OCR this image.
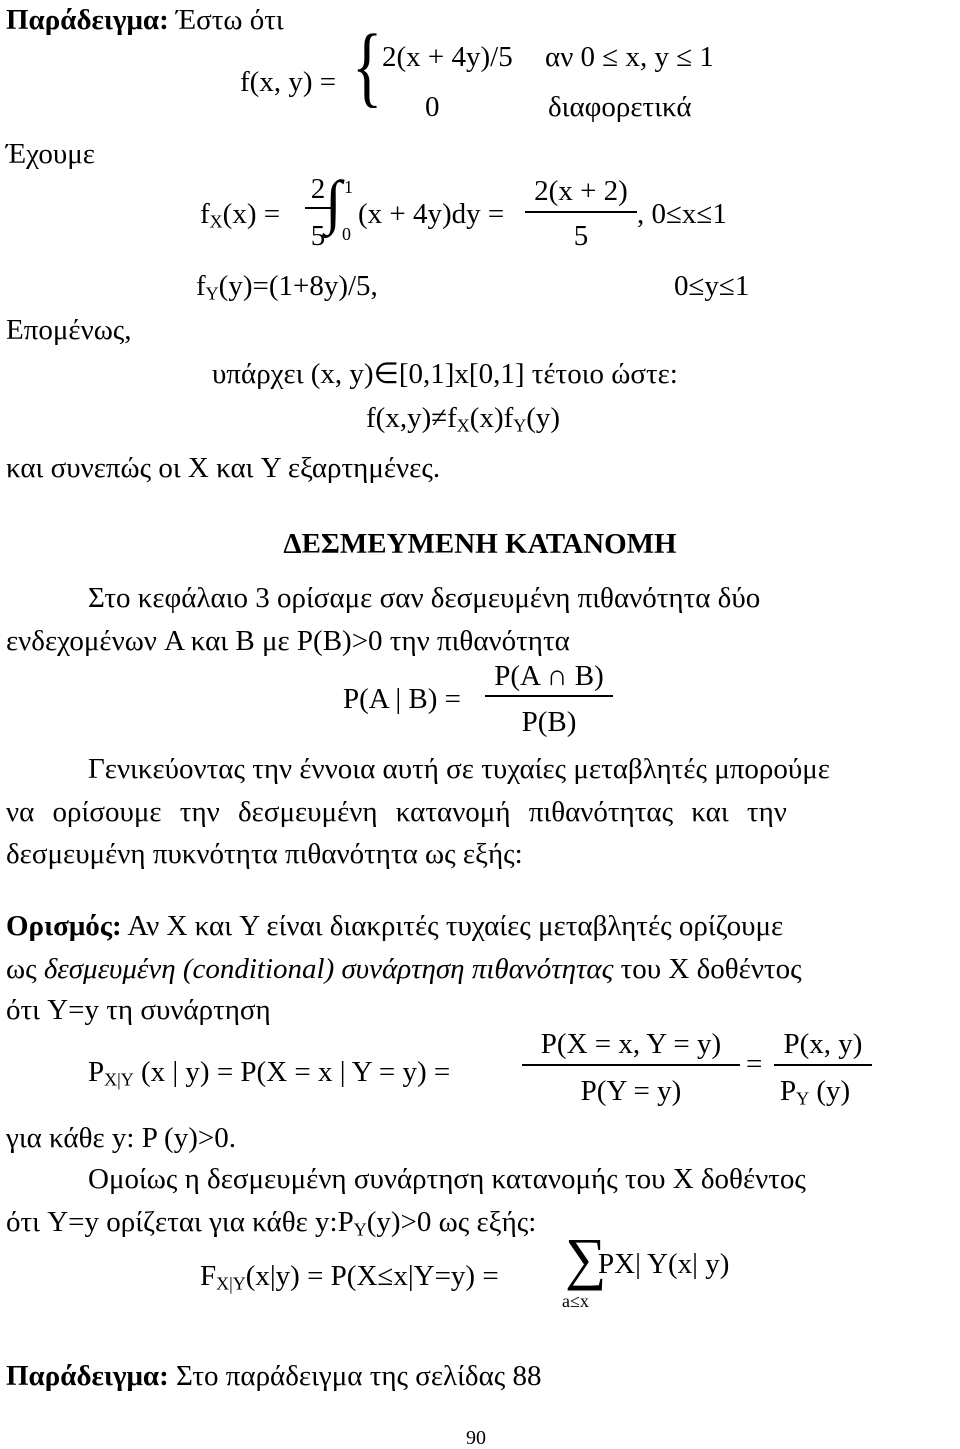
Παράδειγμα: Έστω ότι
f(x, y) = { 2(x + 4y)/5 αν 0 ≤ x, y ≤ 1
0	διαφορετικά
Έχουμε
$f_X(x)$ =
2
5
∫ 1
0
(x + 4y)dy =
2(x + 2)
5
, 0≤x≤1
$f_Y(y)=(1+8y)/5$,	0≤y≤1
Επομένως,
υπάρχει (x, y)∈[0,1]x[0,1] τέτοιο ώστε:
$f(x,y)\ne f_X(x)f_Y(y)$
και συνεπώς οι X και Y εξαρτημένες.
ΔΕΣΜΕΥΜΕΝΗ ΚΑΤΑΝΟΜΗ
Στο κεφάλαιο 3 ορίσαμε σαν δεσμευμένη πιθανότητα δύο
ενδεχομένων A και B με P(B)>0 την πιθανότητα
P(A | B) =
P(A ∩ B)
P(B)
Γενικεύοντας την έννοια αυτή σε τυχαίες μεταβλητές μπορούμε
να ορίσουμε την δεσμευμένη κατανομή πιθανότητας και την
δεσμευμένη πυκνότητα πιθανότητα ως εξής:
Ορισμός: Αν X και Y είναι διακριτές τυχαίες μεταβλητές ορίζουμε
ως δεσμευμένη (conditional) συνάρτηση πιθανότητας του X δοθέντος
ότι Y=y τη συνάρτηση
$P_{X|Y}$ (x | y) = P(X = x | Y = y) =
P(X = x, Y = y)
P(Y = y)
=
P(x, y)
$P_Y$ (y)
για κάθε y: P (y)>0.
Ομοίως η δεσμευμένη συνάρτηση κατανομής του X δοθέντος
ότι Y=y ορίζεται για κάθε $y:P_Y(y)>0$ ως εξής:
$F_{X|Y}(x|y) = P(X\le x|Y=y)$ = ∑
a≤x
PX| Y(x| y)
Παράδειγμα: Στο παράδειγμα της σελίδας 88
90
